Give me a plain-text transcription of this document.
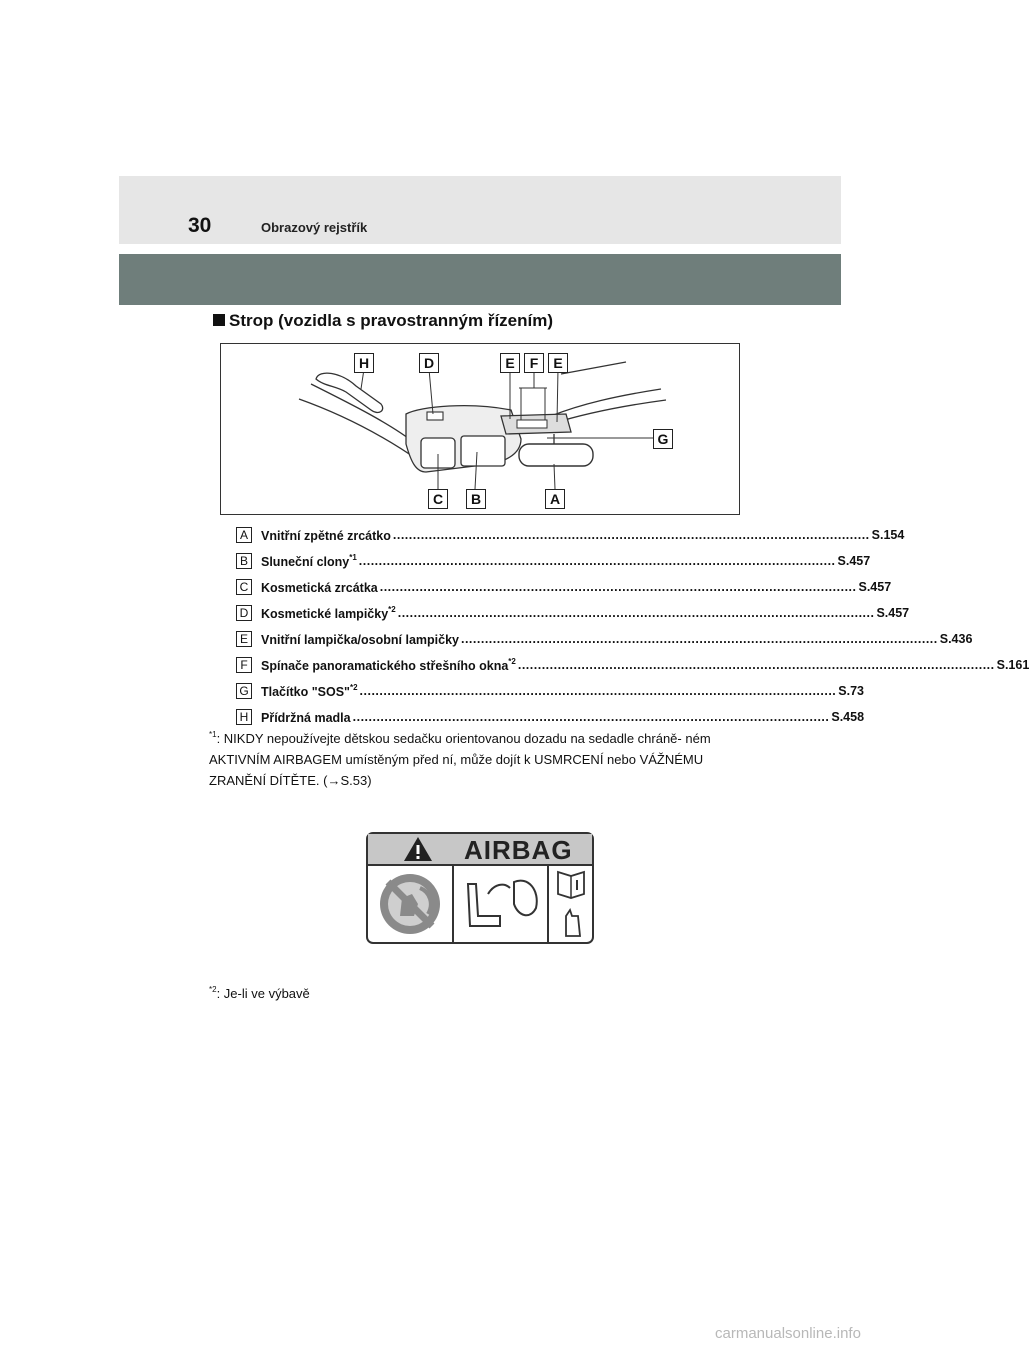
30	Obrazový rejstřík
Strop (vozidla s pravostranným řízením)
H	D	E	F	E
G
C	B	A
A	Vnitřní zpětné zrcátko ........................................................................................................................ S.154
B	Sluneční clony$^{*1}$ ........................................................................................................................ S.457
C Kosmetická zrcátka ........................................................................................................................ S.457
D Kosmetické lampičky$^{*2}$ ........................................................................................................................ S.457
E	Vnitřní lampička/osobní lampičky ........................................................................................................................ S.436
F	Spínače panoramatického střešního okna$^{*2}$ ........................................................................................................................ S.161
G Tlačítko "SOS"$^{*2}$ ........................................................................................................................ S.73
H Přídržná madla ........................................................................................................................ S.458
$^{*1}$: NIKDY nepoužívejte dětskou sedačku orientovanou dozadu na sedadle chráně- ném AKTIVNÍM AIRBAGEM umístěným před ní, může dojít k USMRCENÍ nebo VÁŽNÉMU ZRANĚNÍ DÍTĚTE. (→S.53)
AIRBAG
$^{*2}$: Je-li ve výbavě
carmanualsonline.info
